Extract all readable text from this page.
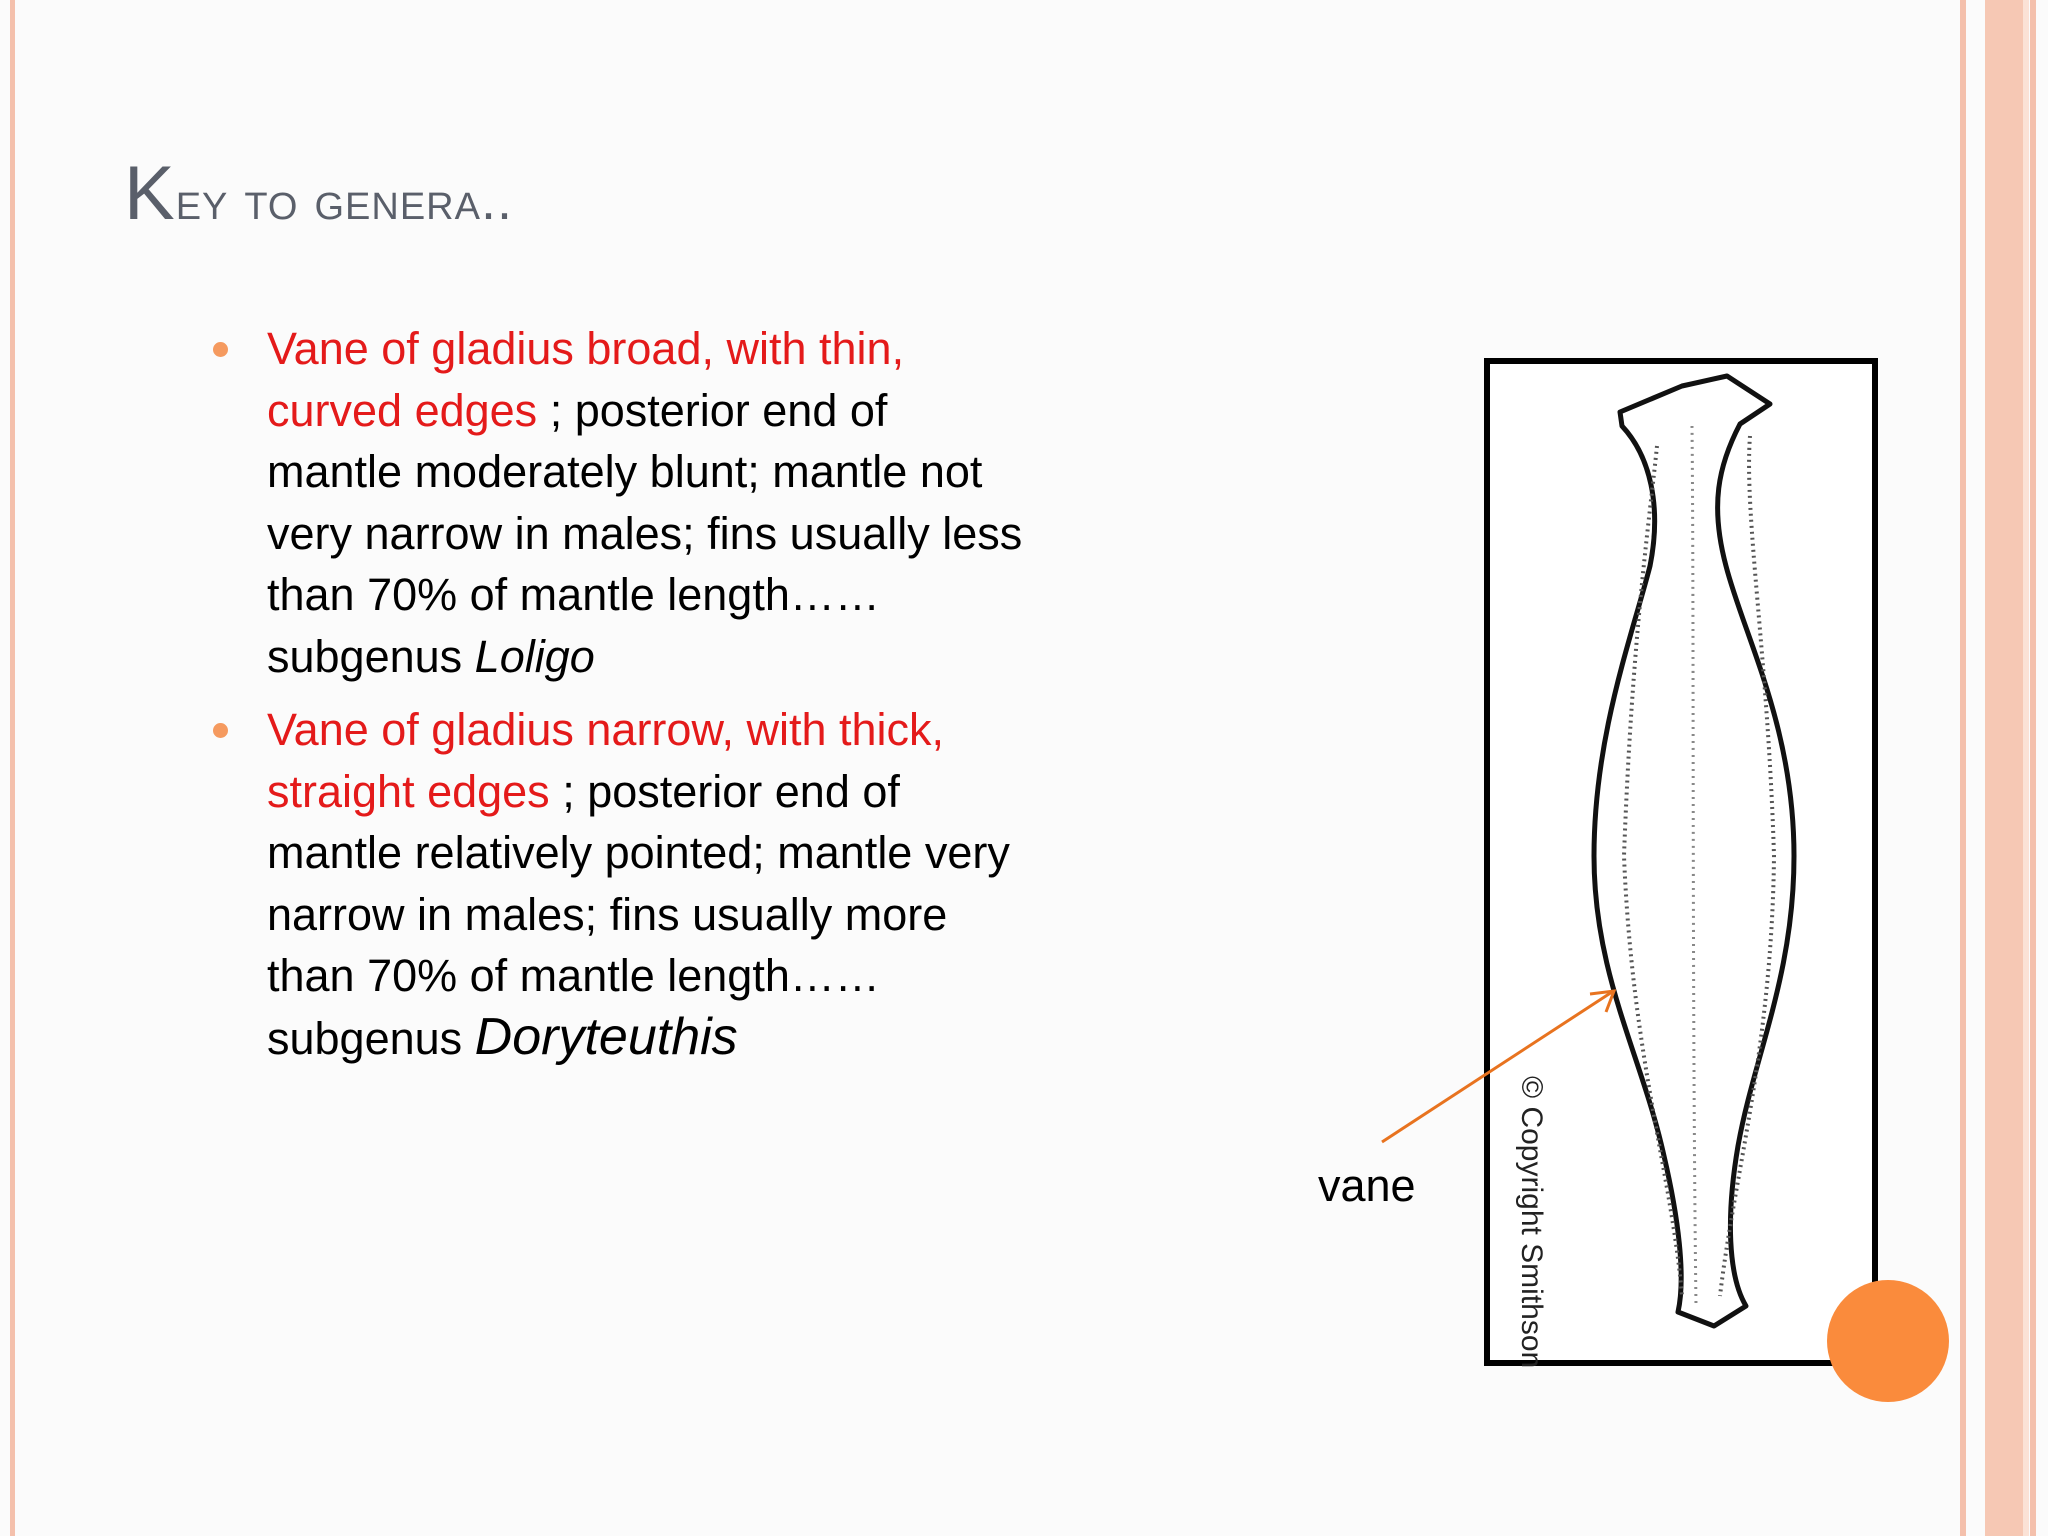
Key to genera..
Vane of gladius broad, with thin, curved edges ; posterior end of mantle moderately blunt; mantle not very narrow in males; fins usually less than 70% of mantle length…… subgenus Loligo
Vane of gladius narrow, with thick, straight edges ; posterior end of mantle relatively pointed; mantle very narrow in males; fins usually more than 70% of mantle length……subgenus Doryteuthis
© Copyright Smithsonian
vane
